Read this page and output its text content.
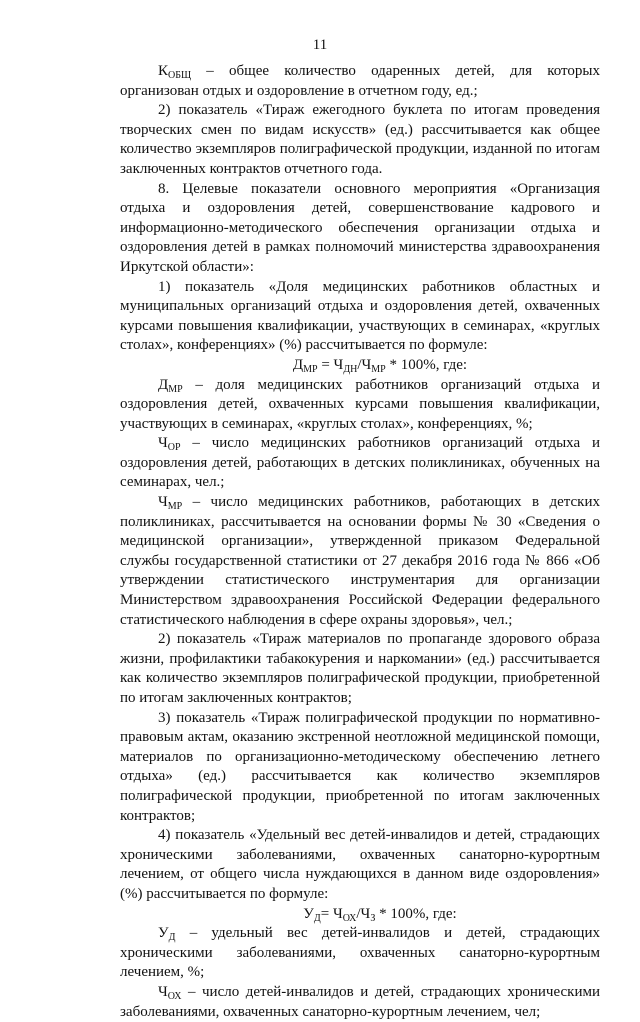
11

$К_{ОБЩ}$ – общее количество одаренных детей, для которых организован отдых и оздоровление в отчетном году, ед.;

2) показатель «Тираж ежегодного буклета по итогам проведения творческих смен по видам искусств» (ед.) рассчитывается как общее количество экземпляров полиграфической продукции, изданной по итогам заключенных контрактов отчетного года.

8. Целевые показатели основного мероприятия «Организация отдыха и оздоровления детей, совершенствование кадрового и информационно-методического обеспечения организации отдыха и оздоровления детей в рамках полномочий министерства здравоохранения Иркутской области»:

1) показатель «Доля медицинских работников областных и муниципальных организаций отдыха и оздоровления детей, охваченных курсами повышения квалификации, участвующих в семинарах, «круглых столах», конференциях» (%) рассчитывается по формуле:

$Д_{МР} = Ч_{ДН}/Ч_{МР} * 100\%$, где:

$Д_{МР}$ – доля медицинских работников организаций отдыха и оздоровления детей, охваченных курсами повышения квалификации, участвующих в семинарах, «круглых столах», конференциях, %;

$Ч_{ОР}$ – число медицинских работников организаций отдыха и оздоровления детей, работающих в детских поликлиниках, обученных на семинарах, чел.;

$Ч_{МР}$ – число медицинских работников, работающих в детских поликлиниках, рассчитывается на основании формы № 30 «Сведения о медицинской организации», утвержденной приказом Федеральной службы государственной статистики от 27 декабря 2016 года № 866 «Об утверждении статистического инструментария для организации Министерством здравоохранения Российской Федерации федерального статистического наблюдения в сфере охраны здоровья», чел.;

2) показатель «Тираж материалов по пропаганде здорового образа жизни, профилактики табакокурения и наркомании» (ед.) рассчитывается как количество экземпляров полиграфической продукции, приобретенной по итогам заключенных контрактов;

3) показатель «Тираж полиграфической продукции по нормативно-правовым актам, оказанию экстренной неотложной медицинской помощи, материалов по организационно-методическому обеспечению летнего отдыха» (ед.) рассчитывается как количество экземпляров полиграфической продукции, приобретенной по итогам заключенных контрактов;

4) показатель «Удельный вес детей-инвалидов и детей, страдающих хроническими заболеваниями, охваченных санаторно-курортным лечением, от общего числа нуждающихся в данном виде оздоровления» (%) рассчитывается по формуле:

$У_Д= Ч_{ОХ}/Ч_З * 100\%$, где:

$У_Д$ – удельный вес детей-инвалидов и детей, страдающих хроническими заболеваниями, охваченных санаторно-курортным лечением, %;

$Ч_{ОХ}$ – число детей-инвалидов и детей, страдающих хроническими заболеваниями, охваченных санаторно-курортным лечением, чел;
